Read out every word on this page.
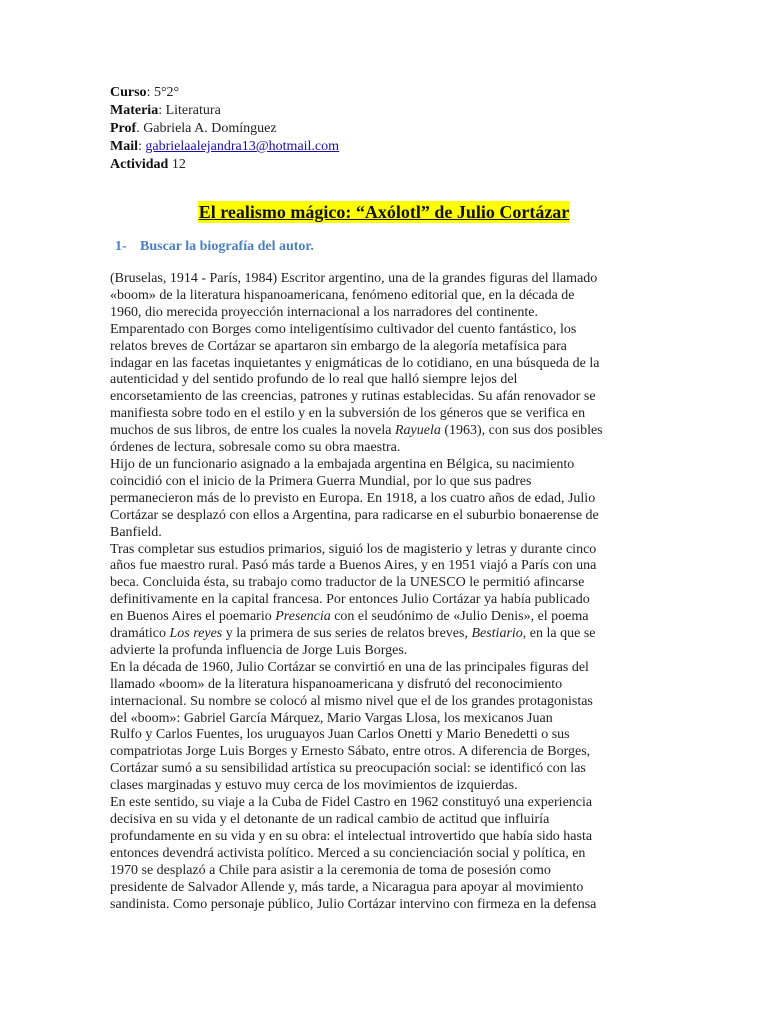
Curso: 5°2°

Materia: Literatura

Prof. Gabriela A. Domínguez

Mail: gabrielaalejandra13@hotmail.com

Actividad 12

El realismo mágico: “Axólotl” de Julio Cortázar
1- Buscar la biografía del autor.

(Bruselas, 1914 - París, 1984) Escritor argentino, una de la grandes figuras del llamado
«boom» de la literatura hispanoamericana, fenómeno editorial que, en la década de
1960, dio merecida proyección internacional a los narradores del continente.
Emparentado con Borges como inteligentísimo cultivador del cuento fantástico, los
relatos breves de Cortázar se apartaron sin embargo de la alegoría metafísica para
indagar en las facetas inquietantes y enigmáticas de lo cotidiano, en una búsqueda de la
autenticidad y del sentido profundo de lo real que halló siempre lejos del
encorsetamiento de las creencias, patrones y rutinas establecidas. Su afán renovador se
manifiesta sobre todo en el estilo y en la subversión de los géneros que se verifica en
muchos de sus libros, de entre los cuales la novela Rayuela (1963), con sus dos posibles
órdenes de lectura, sobresale como su obra maestra.

Hijo de un funcionario asignado a la embajada argentina en Bélgica, su nacimiento
coincidió con el inicio de la Primera Guerra Mundial, por lo que sus padres
permanecieron más de lo previsto en Europa. En 1918, a los cuatro años de edad, Julio
Cortázar se desplazó con ellos a Argentina, para radicarse en el suburbio bonaerense de
Banfield.

Tras completar sus estudios primarios, siguió los de magisterio y letras y durante cinco
años fue maestro rural. Pasó más tarde a Buenos Aires, y en 1951 viajó a París con una
beca. Concluida ésta, su trabajo como traductor de la UNESCO le permitió afincarse
definitivamente en la capital francesa. Por entonces Julio Cortázar ya había publicado
en Buenos Aires el poemario Presencia con el seudónimo de «Julio Denis», el poema
dramático Los reyes y la primera de sus series de relatos breves, Bestiario, en la que se
advierte la profunda influencia de Jorge Luis Borges.

En la década de 1960, Julio Cortázar se convirtió en una de las principales figuras del
llamado «boom» de la literatura hispanoamericana y disfrutó del reconocimiento
internacional. Su nombre se colocó al mismo nivel que el de los grandes protagonistas
del «boom»: Gabriel García Márquez, Mario Vargas Llosa, los mexicanos Juan
Rulfo y Carlos Fuentes, los uruguayos Juan Carlos Onetti y Mario Benedetti o sus
compatriotas Jorge Luis Borges y Ernesto Sábato, entre otros. A diferencia de Borges,
Cortázar sumó a su sensibilidad artística su preocupación social: se identificó con las
clases marginadas y estuvo muy cerca de los movimientos de izquierdas.

En este sentido, su viaje a la Cuba de Fidel Castro en 1962 constituyó una experiencia
decisiva en su vida y el detonante de un radical cambio de actitud que influiría
profundamente en su vida y en su obra: el intelectual introvertido que había sido hasta
entonces devendrá activista político. Merced a su concienciación social y política, en
1970 se desplazó a Chile para asistir a la ceremonia de toma de posesión como
presidente de Salvador Allende y, más tarde, a Nicaragua para apoyar al movimiento
sandinista. Como personaje público, Julio Cortázar intervino con firmeza en la defensa
